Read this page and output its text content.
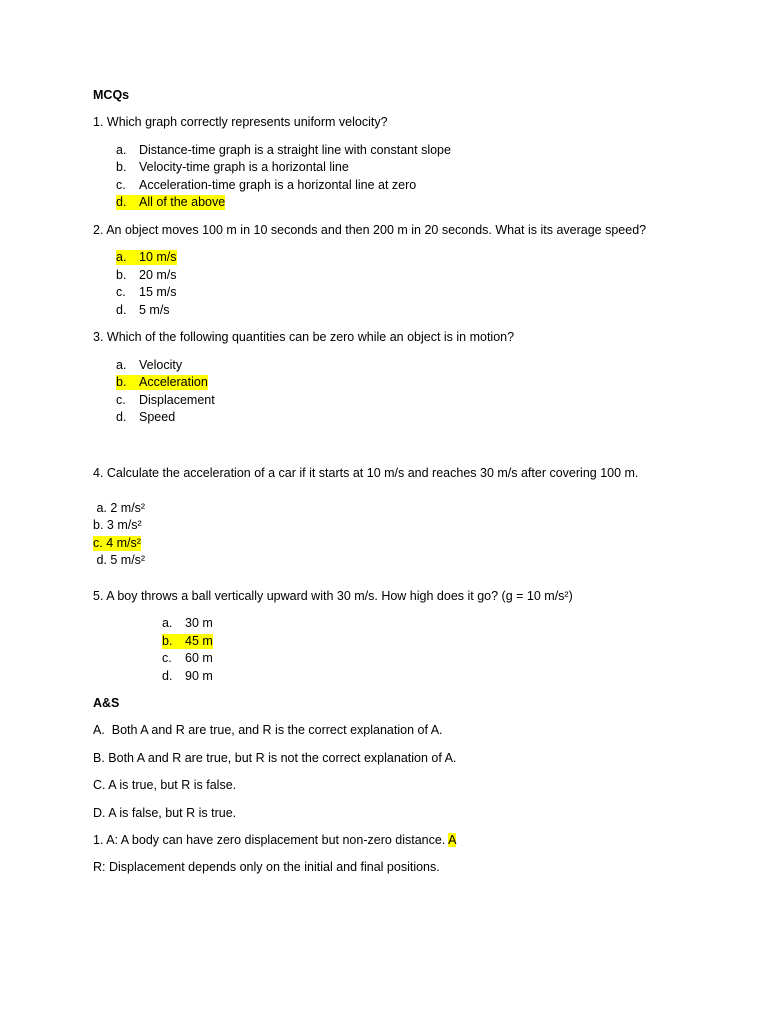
MCQs
1. Which graph correctly represents uniform velocity?
a. Distance-time graph is a straight line with constant slope
b. Velocity-time graph is a horizontal line
c. Acceleration-time graph is a horizontal line at zero
d. All of the above
2. An object moves 100 m in 10 seconds and then 200 m in 20 seconds. What is its average speed?
a. 10 m/s
b. 20 m/s
c. 15 m/s
d. 5 m/s
3. Which of the following quantities can be zero while an object is in motion?
a. Velocity
b. Acceleration
c. Displacement
d. Speed
4. Calculate the acceleration of a car if it starts at 10 m/s and reaches 30 m/s after covering 100 m.
a. 2 m/s²
b. 3 m/s²
c. 4 m/s²
d. 5 m/s²
5. A boy throws a ball vertically upward with 30 m/s. How high does it go? (g = 10 m/s²)
a. 30 m
b. 45 m
c. 60 m
d. 90 m
A&S
A.  Both A and R are true, and R is the correct explanation of A.
B. Both A and R are true, but R is not the correct explanation of A.
C. A is true, but R is false.
D. A is false, but R is true.
1. A: A body can have zero displacement but non-zero distance. A
R: Displacement depends only on the initial and final positions.
